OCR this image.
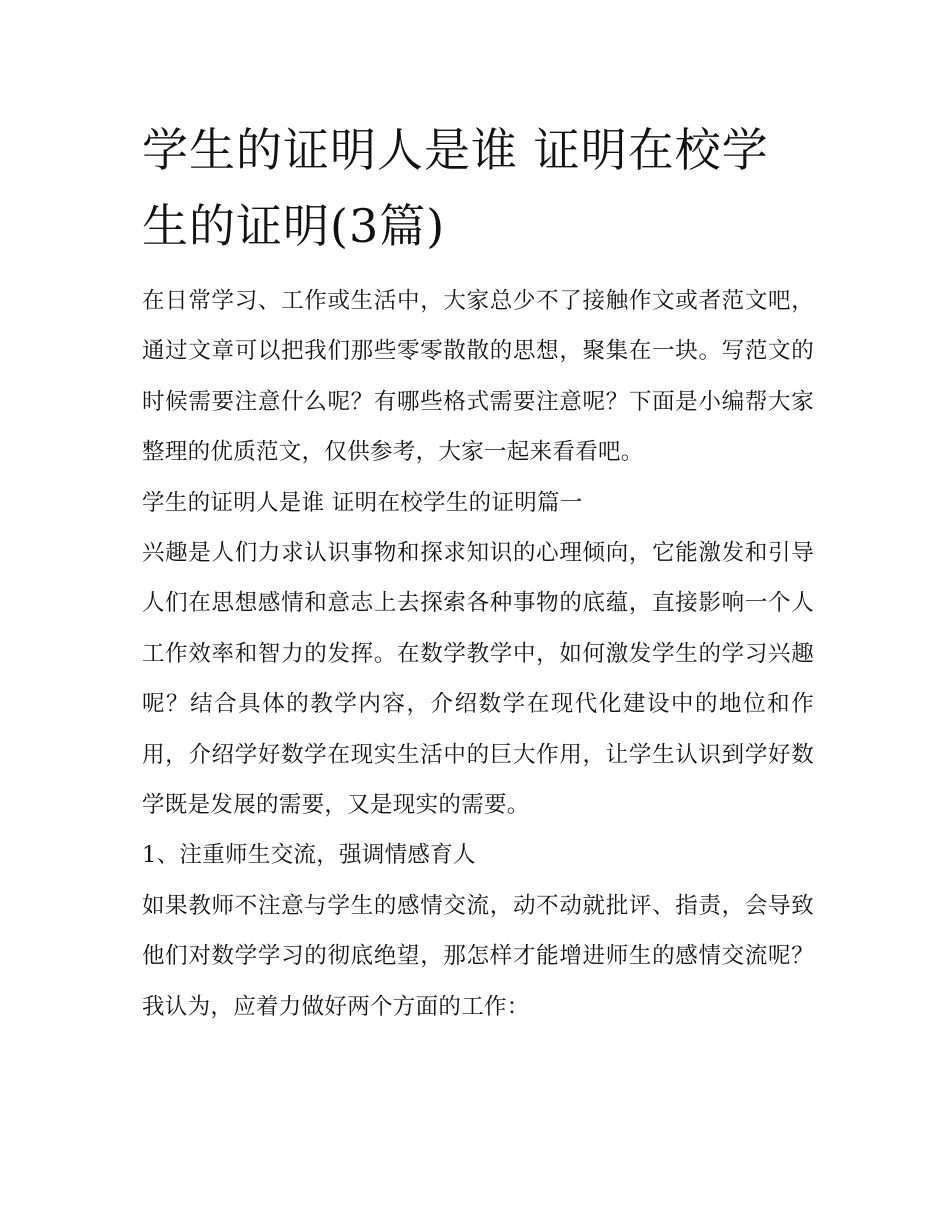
学生的证明人是谁 证明在校学生的证明(3篇)

在日常学习、工作或生活中，大家总少不了接触作文或者范文吧，通过文章可以把我们那些零零散散的思想，聚集在一块。写范文的时候需要注意什么呢？有哪些格式需要注意呢？下面是小编帮大家整理的优质范文，仅供参考，大家一起来看看吧。

学生的证明人是谁 证明在校学生的证明篇一

兴趣是人们力求认识事物和探求知识的心理倾向，它能激发和引导人们在思想感情和意志上去探索各种事物的底蕴，直接影响一个人工作效率和智力的发挥。在数学教学中，如何激发学生的学习兴趣呢？结合具体的教学内容，介绍数学在现代化建设中的地位和作用，介绍学好数学在现实生活中的巨大作用，让学生认识到学好数学既是发展的需要，又是现实的需要。

1、注重师生交流，强调情感育人

如果教师不注意与学生的感情交流，动不动就批评、指责，会导致他们对数学学习的彻底绝望，那怎样才能增进师生的感情交流呢？我认为，应着力做好两个方面的工作：
